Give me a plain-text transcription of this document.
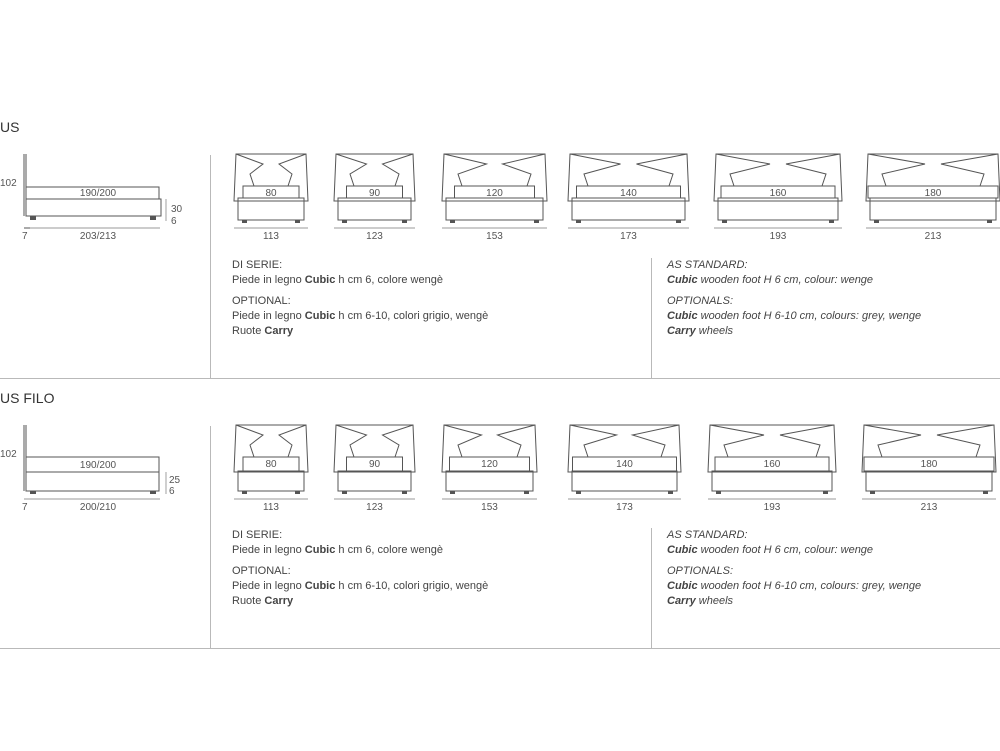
US
102
190/200
30
6
7	203/213
80
113
90
123
120
153
140
173
160
193
180
213
DI SERIE:
Piede in legno Cubic h cm 6, colore wengè
OPTIONAL:
Piede in legno Cubic h cm 6-10, colori grigio, wengè
Ruote Carry
AS STANDARD:
Cubic wooden foot H 6 cm, colour: wenge
OPTIONALS:
Cubic wooden foot H 6-10 cm, colours: grey, wenge
Carry wheels
US FILO
102
190/200
25
6
7	200/210
80
113
90
123
120
153
140
173
160
193
180
213
DI SERIE:
Piede in legno Cubic h cm 6, colore wengè
OPTIONAL:
Piede in legno Cubic h cm 6-10, colori grigio, wengè
Ruote Carry
AS STANDARD:
Cubic wooden foot H 6 cm, colour: wenge
OPTIONALS:
Cubic wooden foot H 6-10 cm, colours: grey, wenge
Carry wheels
